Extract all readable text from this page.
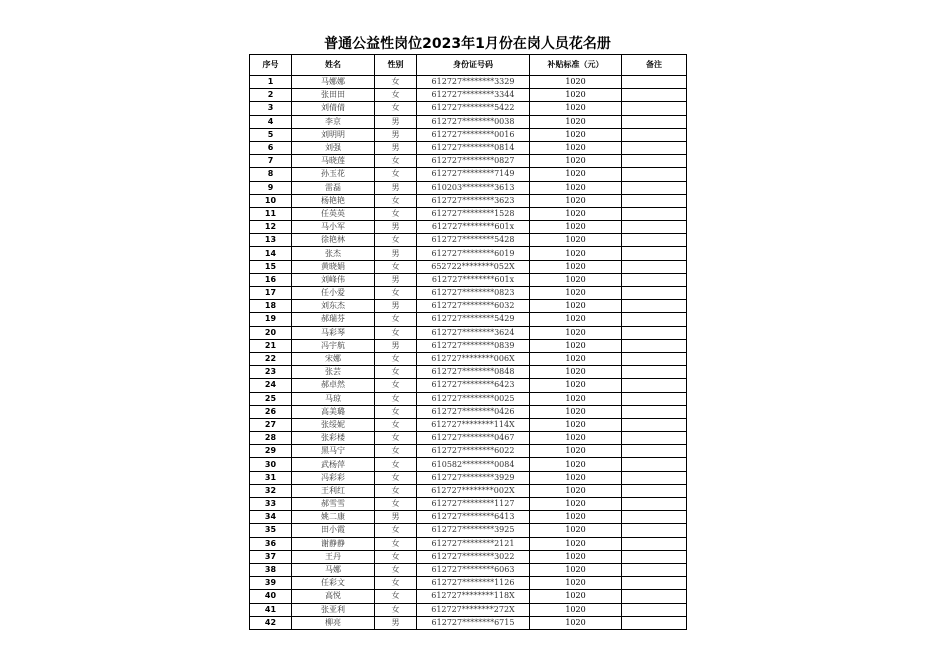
普通公益性岗位2023年1月份在岗人员花名册
序号	姓名	性别	身份证号码	补贴标准（元）	备注
1	马娜娜	女	612727********3329	1020	
2	张田田	女	612727********3344	1020	
3	刘倩倩	女	612727********5422	1020	
4	李京	男	612727********0038	1020	
5	刘明明	男	612727********0016	1020	
6	刘强	男	612727********0814	1020	
7	马晓莲	女	612727********0827	1020	
8	孙玉花	女	612727********7149	1020	
9	雷磊	男	610203********3613	1020	
10	杨艳艳	女	612727********3623	1020	
11	任英英	女	612727********1528	1020	
12	马小军	男	612727********601x	1020	
13	徐艳林	女	612727********5428	1020	
14	张杰	男	612727********6019	1020	
15	黄晓娟	女	652722********052X	1020	
16	刘峰伟	男	612727********601x	1020	
17	任小爱	女	612727********0823	1020	
18	刘东杰	男	612727********6032	1020	
19	郝瑞芬	女	612727********5429	1020	
20	马彩琴	女	612727********3624	1020	
21	冯宇航	男	612727********0839	1020	
22	宋娜	女	612727********006X	1020	
23	张芸	女	612727********0848	1020	
24	郝卓然	女	612727********6423	1020	
25	马琼	女	612727********0025	1020	
26	高美璐	女	612727********0426	1020	
27	张绥妮	女	612727********114X	1020	
28	张彩楼	女	612727********0467	1020	
29	黑马宁	女	612727********6022	1020	
30	武杨萍	女	610582********0084	1020	
31	冯彩彩	女	612727********3929	1020	
32	王利红	女	612727********002X	1020	
33	郝雪雪	女	612727********1127	1020	
34	姚二康	男	612727********6413	1020	
35	田小霞	女	612727********3925	1020	
36	谢静静	女	612727********2121	1020	
37	王丹	女	612727********3022	1020	
38	马娜	女	612727********6063	1020	
39	任彩文	女	612727********1126	1020	
40	高悦	女	612727********118X	1020	
41	张亚利	女	612727********272X	1020	
42	柳亮	男	612727********6715	1020	
